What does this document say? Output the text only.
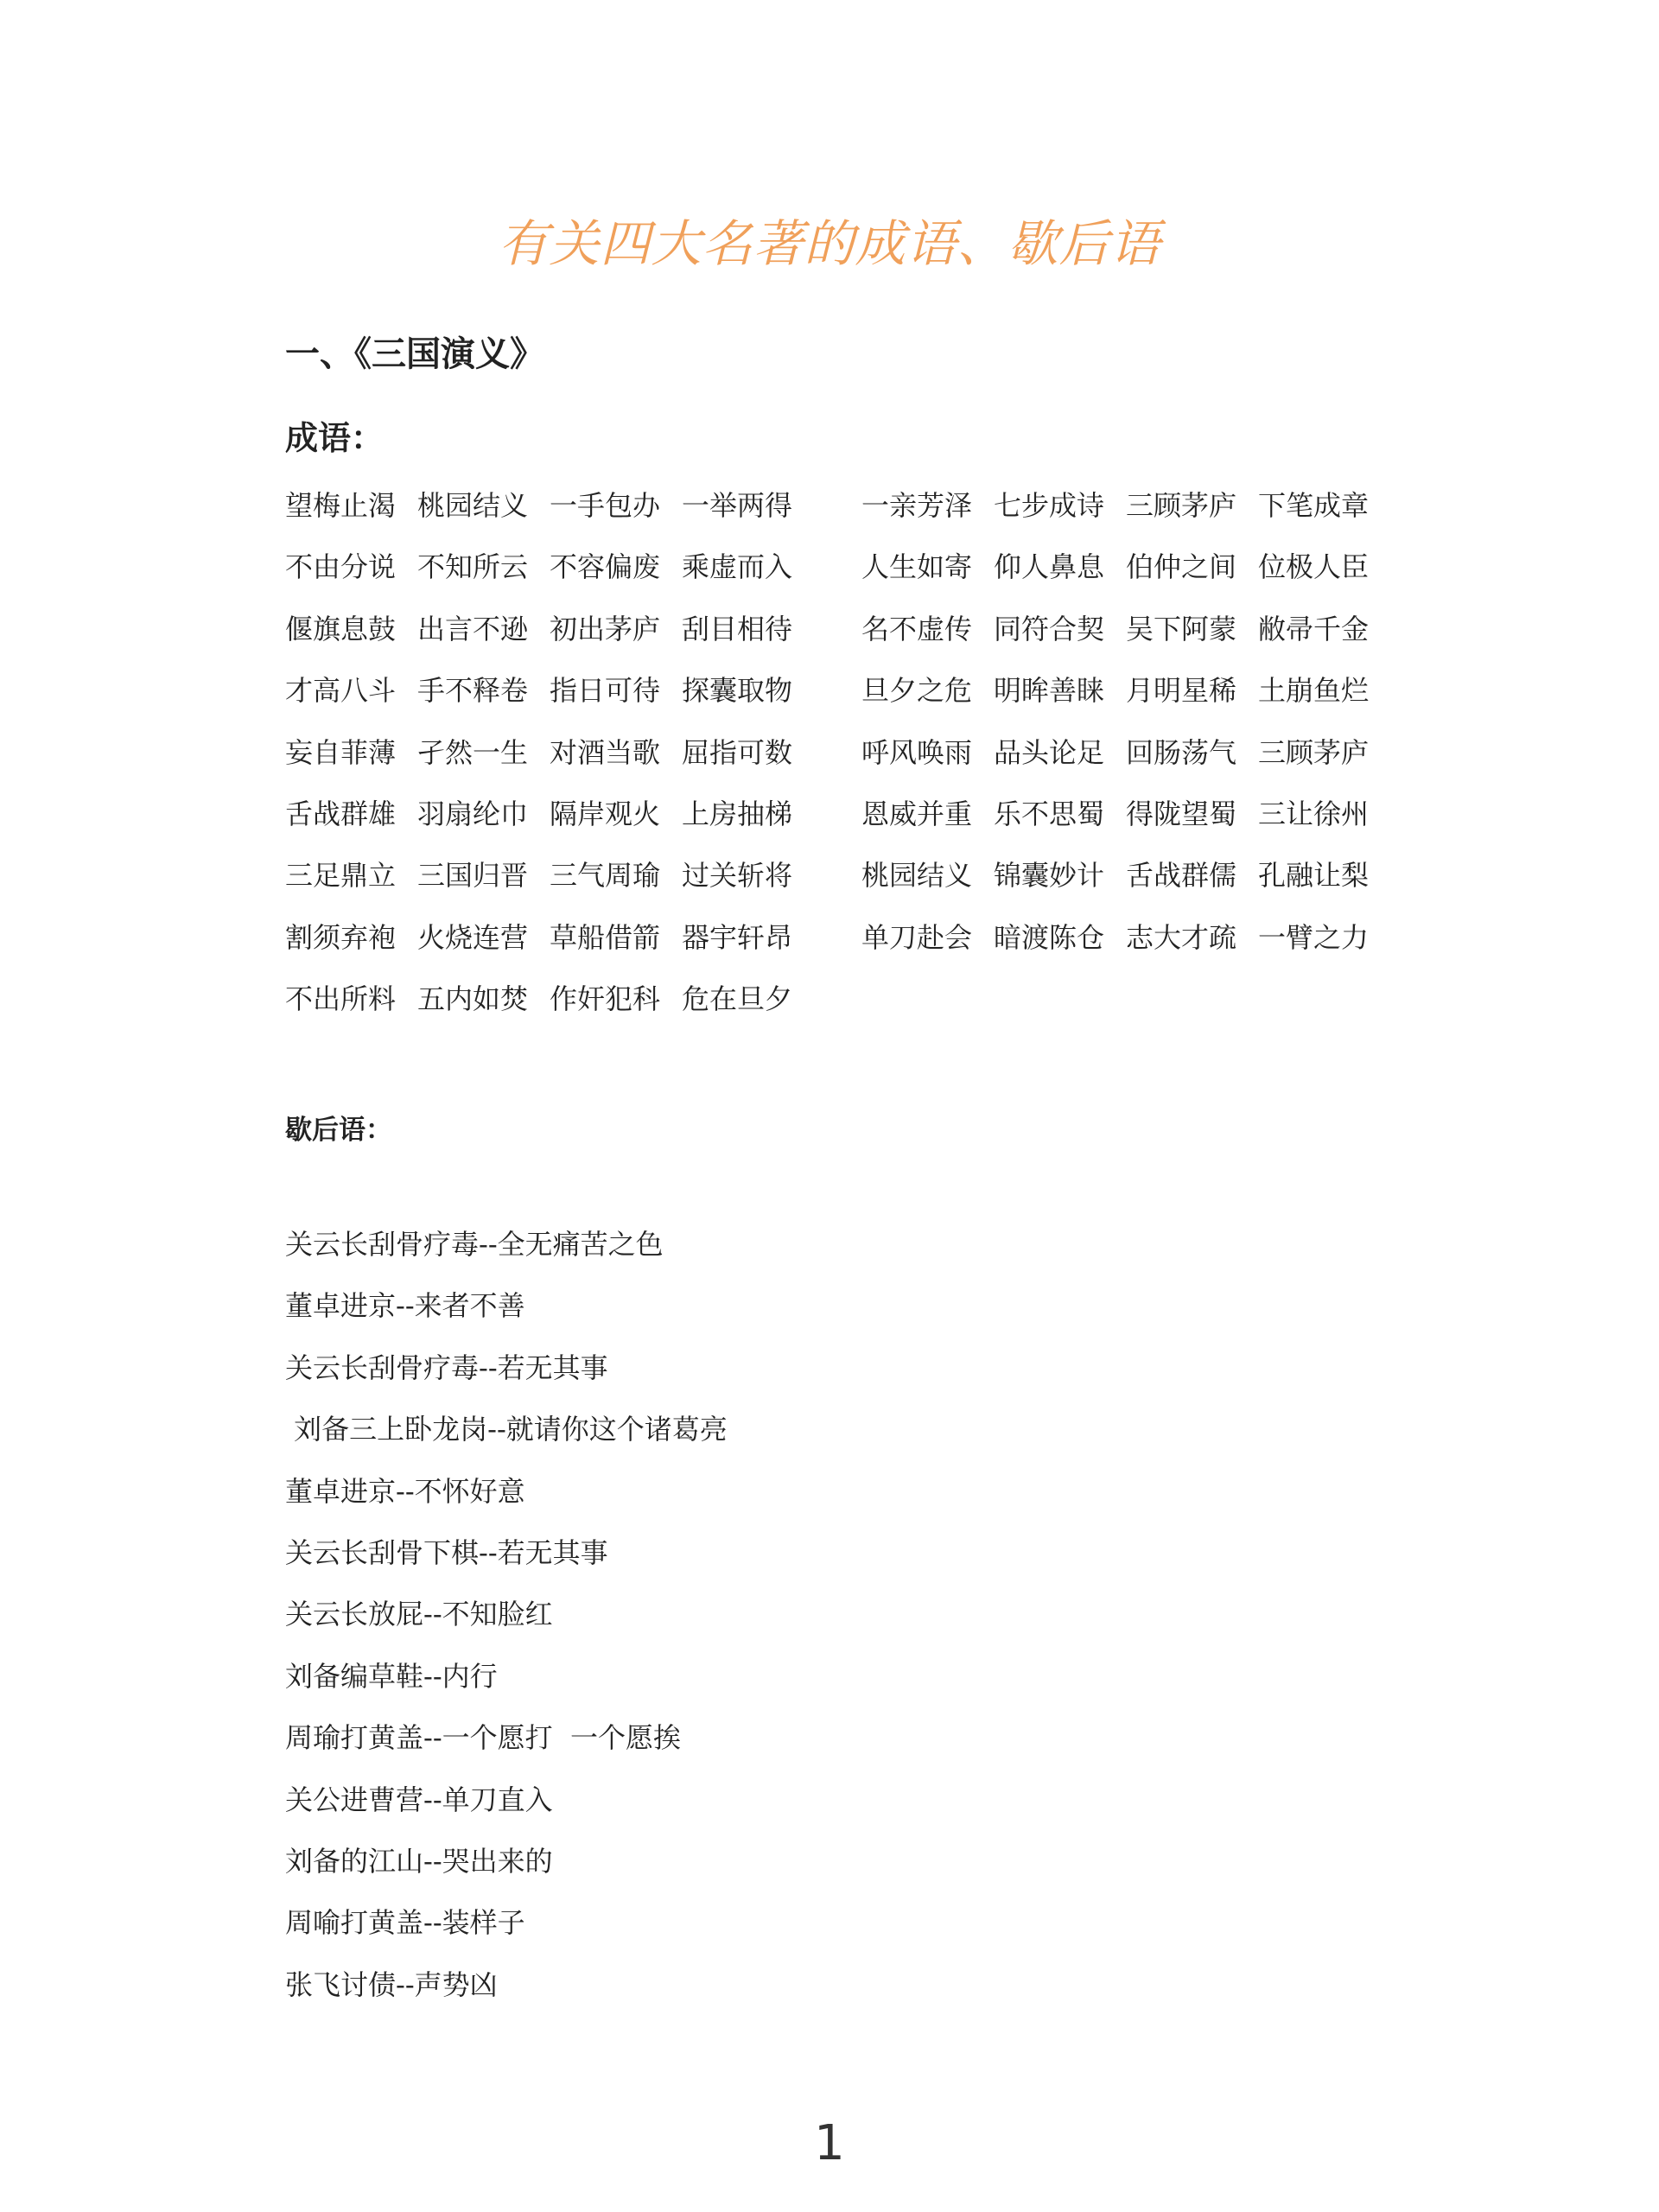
有关四大名著的成语、歇后语
一、《三国演义》
成语：
望梅止渴 桃园结义 一手包办 一举两得
不由分说 不知所云 不容偏废 乘虚而入
偃旗息鼓 出言不逊 初出茅庐 刮目相待
才高八斗 手不释卷 指日可待 探囊取物
妄自菲薄 孑然一生 对酒当歌 屈指可数
舌战群雄 羽扇纶巾 隔岸观火 上房抽梯
三足鼎立 三国归晋 三气周瑜 过关斩将
割须弃袍 火烧连营 草船借箭 器宇轩昂
不出所料 五内如焚 作奸犯科 危在旦夕
一亲芳泽 七步成诗 三顾茅庐 下笔成章
人生如寄 仰人鼻息 伯仲之间 位极人臣
名不虚传 同符合契 吴下阿蒙 敝帚千金
旦夕之危 明眸善睐 月明星稀 土崩鱼烂
呼风唤雨 品头论足 回肠荡气 三顾茅庐
恩威并重 乐不思蜀 得陇望蜀 三让徐州
桃园结义 锦囊妙计 舌战群儒 孔融让梨
单刀赴会 暗渡陈仓 志大才疏 一臂之力
歇后语：
关云长刮骨疗毒--全无痛苦之色
董卓进京--来者不善
关云长刮骨疗毒--若无其事
刘备三上卧龙岗--就请你这个诸葛亮
董卓进京--不怀好意
关云长刮骨下棋--若无其事
关云长放屁--不知脸红
刘备编草鞋--内行
周瑜打黄盖--一个愿打  一个愿挨
关公进曹营--单刀直入
刘备的江山--哭出来的
周喻打黄盖--装样子
张飞讨债--声势凶
1
